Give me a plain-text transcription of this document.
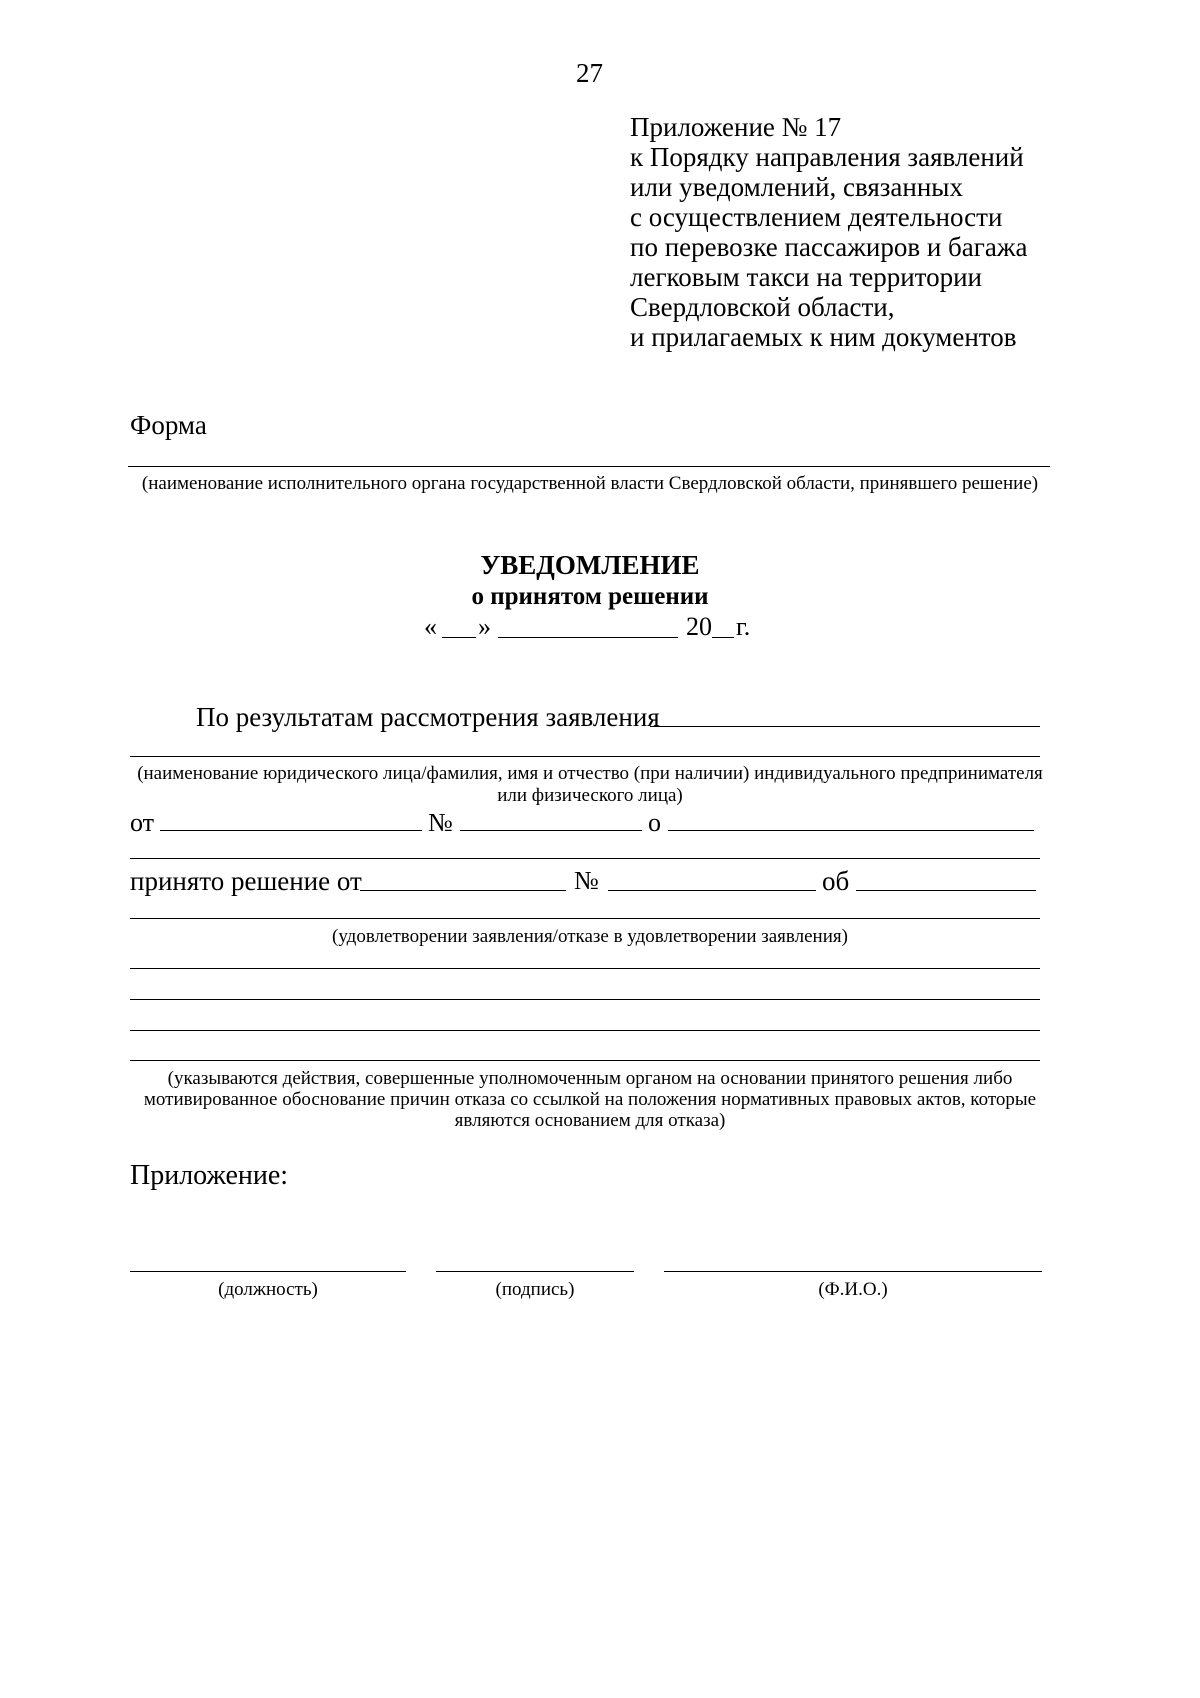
27
Приложение № 17
к Порядку направления заявлений
или уведомлений, связанных
с осуществлением деятельности
по перевозке пассажиров и багажа
легковым такси на территории
Свердловской области,
и прилагаемых к ним документов
Форма
(наименование исполнительного органа государственной власти Свердловской области, принявшего решение)
УВЕДОМЛЕНИЕ
о принятом решении
« »	20 г.
По результатам рассмотрения заявления
(наименование юридического лица/фамилия, имя и отчество (при наличии) индивидуального предпринимателя
или физического лица)
от	№	о
принято решение от	№	об
(удовлетворении заявления/отказе в удовлетворении заявления)
(указываются действия, совершенные уполномоченным органом на основании принятого решения либо
мотивированное обоснование причин отказа со ссылкой на положения нормативных правовых актов, которые
являются основанием для отказа)
Приложение:
(должность)	(подпись)	(Ф.И.О.)
